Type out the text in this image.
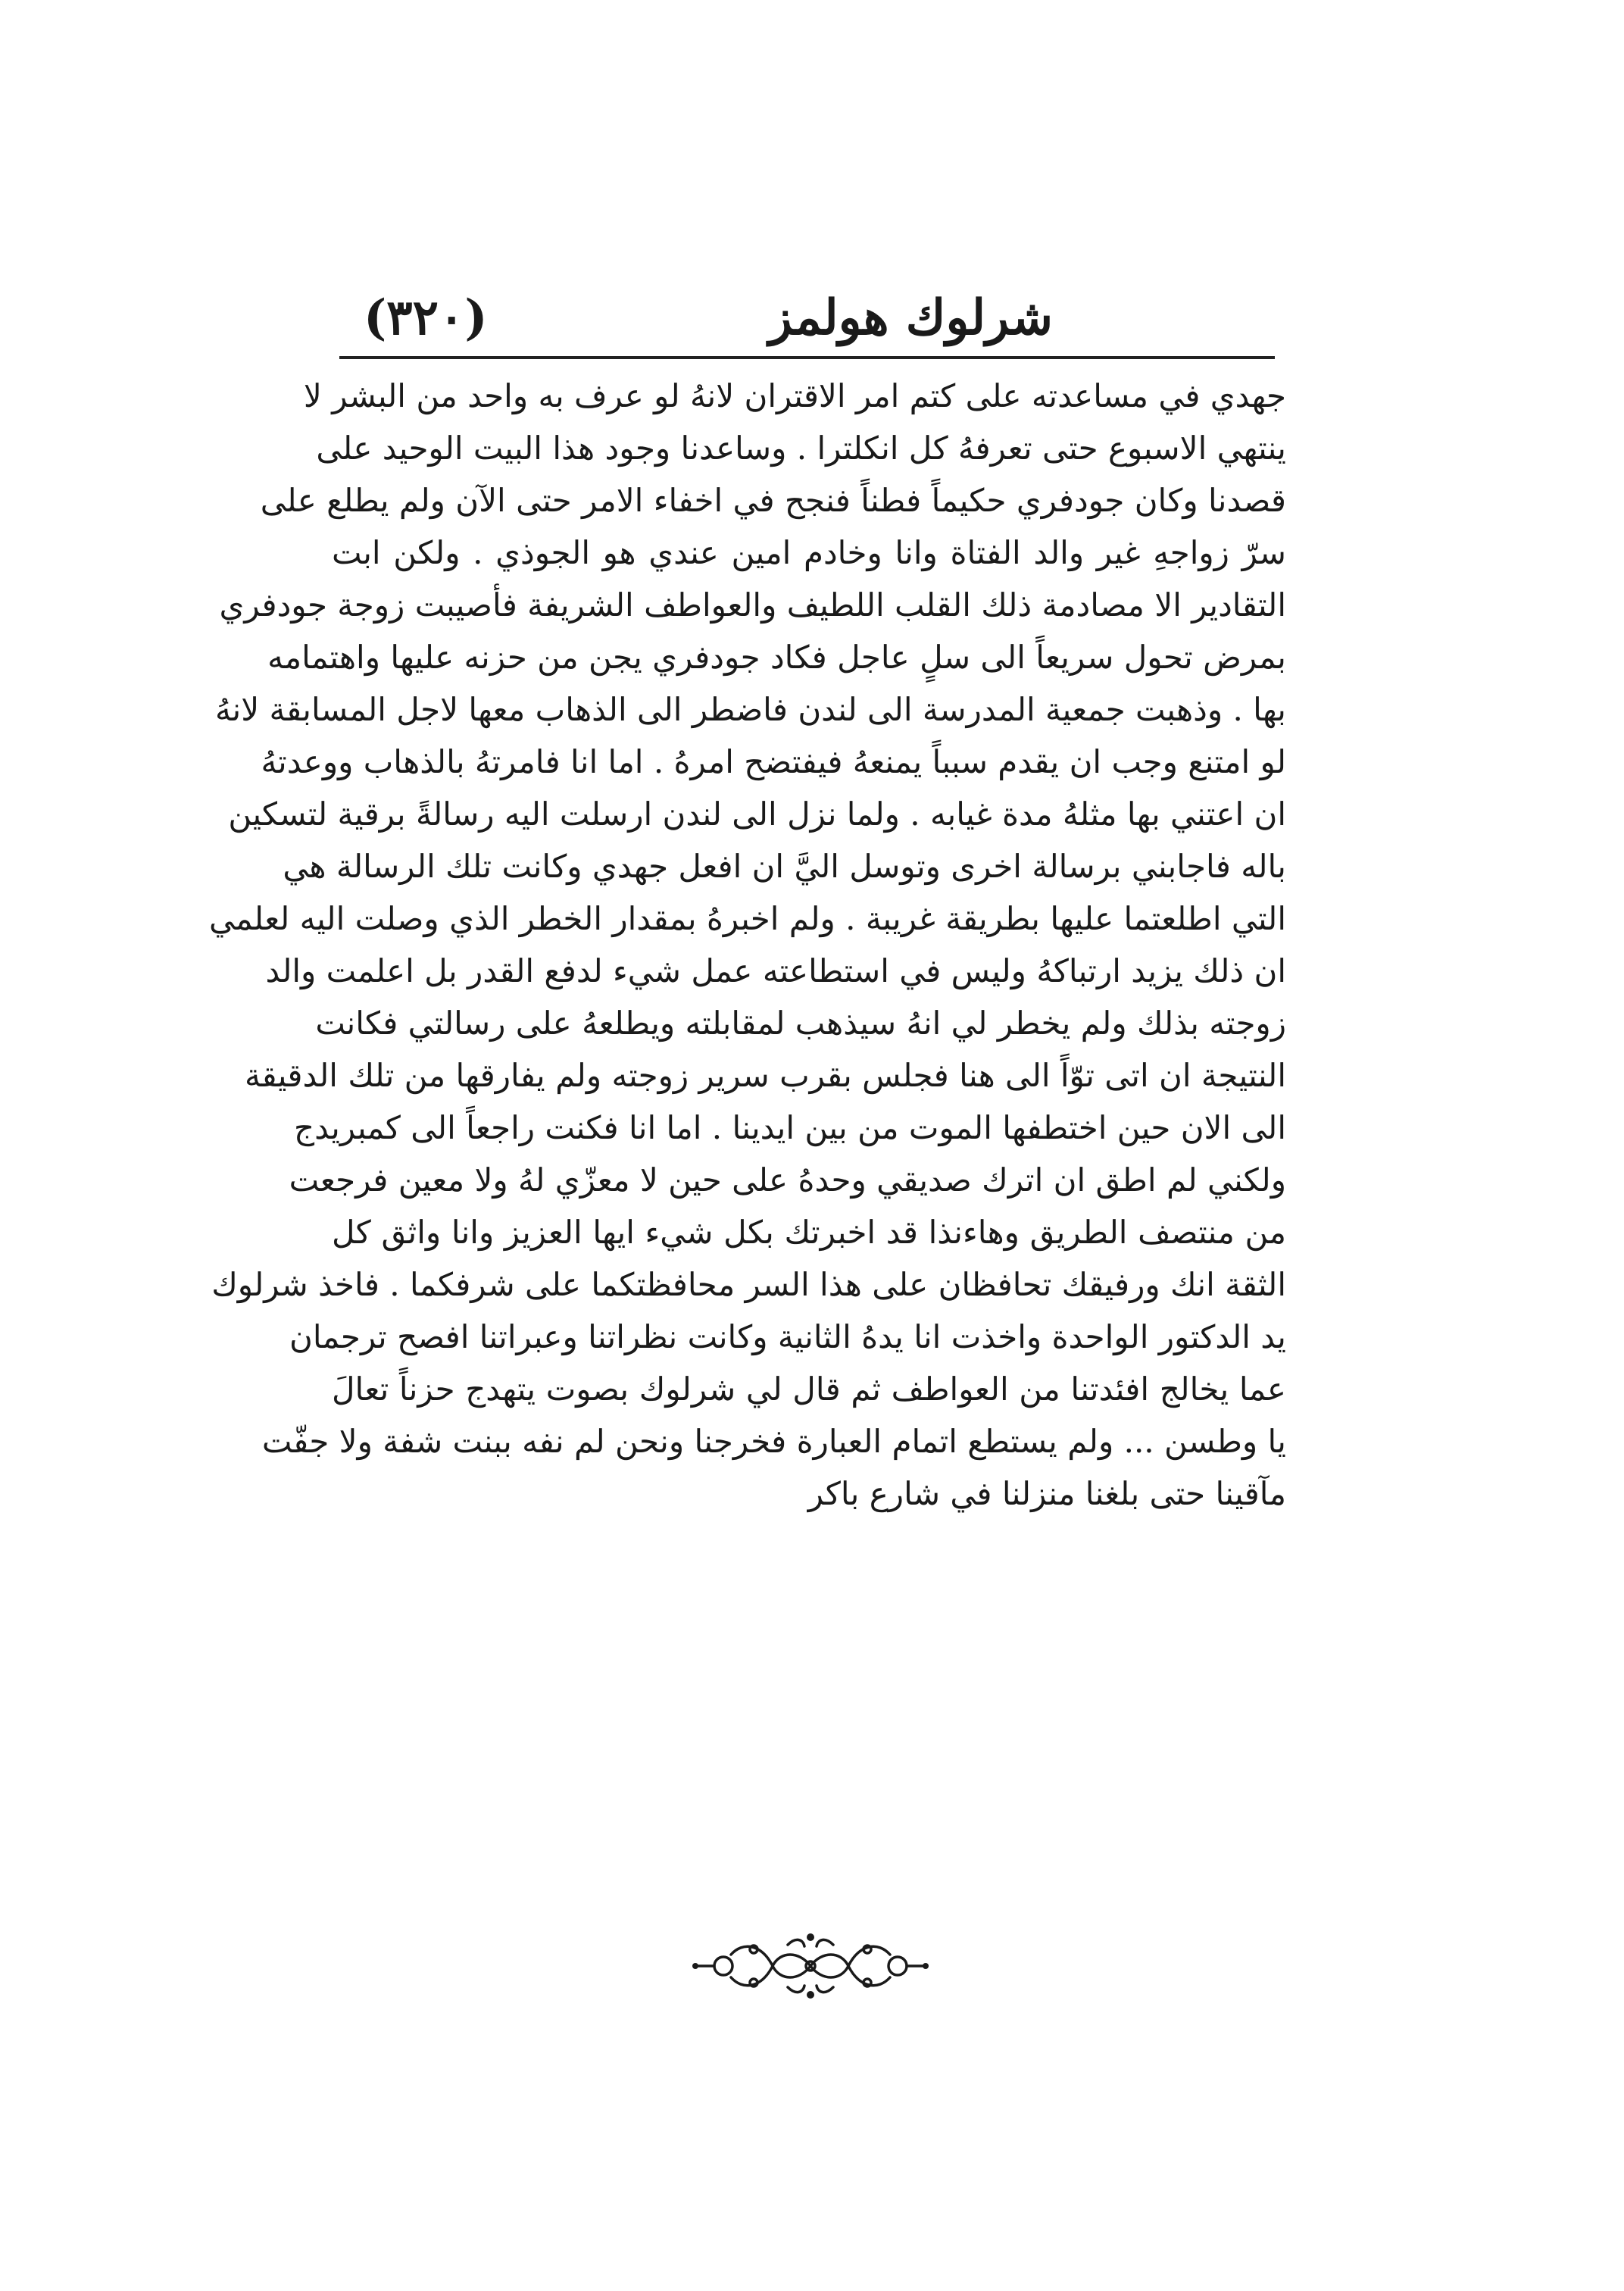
شرلوك هولمز
(٣٢٠)
جهدي في مساعدته على كتم امر الاقتران لانهُ لو عرف به واحد من البشر لا
ينتهي الاسبوع حتى تعرفهُ كل انكلترا . وساعدنا وجود هذا البيت الوحيد على
قصدنا وكان جودفري حكيماً فطناً فنجح في اخفاء الامر حتى الآن ولم يطلع على
سرّ زواجهِ غير والد الفتاة وانا وخادم امين عندي هو الجوذي . ولكن ابت
التقادير الا مصادمة ذلك القلب اللطيف والعواطف الشريفة فأصيبت زوجة جودفري
بمرض تحول سريعاً الى سلٍ عاجل فكاد جودفري يجن من حزنه عليها واهتمامه
بها . وذهبت جمعية المدرسة الى لندن فاضطر الى الذهاب معها لاجل المسابقة لانهُ
لو امتنع وجب ان يقدم سبباً يمنعهُ فيفتضح امرهُ . اما انا فامرتهُ بالذهاب ووعدتهُ
ان اعتني بها مثلهُ مدة غيابه . ولما نزل الى لندن ارسلت اليه رسالةً برقية لتسكين
باله فاجابني برسالة اخرى وتوسل اليَّ ان افعل جهدي وكانت تلك الرسالة هي
التي اطلعتما عليها بطريقة غريبة . ولم اخبرهُ بمقدار الخطر الذي وصلت اليه لعلمي
ان ذلك يزيد ارتباكهُ وليس في استطاعته عمل شيء لدفع القدر بل اعلمت والد
زوجته بذلك ولم يخطر لي انهُ سيذهب لمقابلته ويطلعهُ على رسالتي فكانت
النتيجة ان اتى توّاً الى هنا فجلس بقرب سرير زوجته ولم يفارقها من تلك الدقيقة
الى الان حين اختطفها الموت من بين ايدينا . اما انا فكنت راجعاً الى كمبريدج
ولكني لم اطق ان اترك صديقي وحدهُ على حين لا معزّي لهُ ولا معين فرجعت
من منتصف الطريق وهاءنذا قد اخبرتك بكل شيء ايها العزيز وانا واثق كل
الثقة انك ورفيقك تحافظان على هذا السر محافظتكما على شرفكما . فاخذ شرلوك
يد الدكتور الواحدة واخذت انا يدهُ الثانية وكانت نظراتنا وعبراتنا افصح ترجمان
عما يخالج افئدتنا من العواطف ثم قال لي شرلوك بصوت يتهدج حزناً تعالَ
يا وطسن ... ولم يستطع اتمام العبارة فخرجنا ونحن لم نفه ببنت شفة ولا جفّت
مآقينا حتى بلغنا منزلنا في شارع باكر
